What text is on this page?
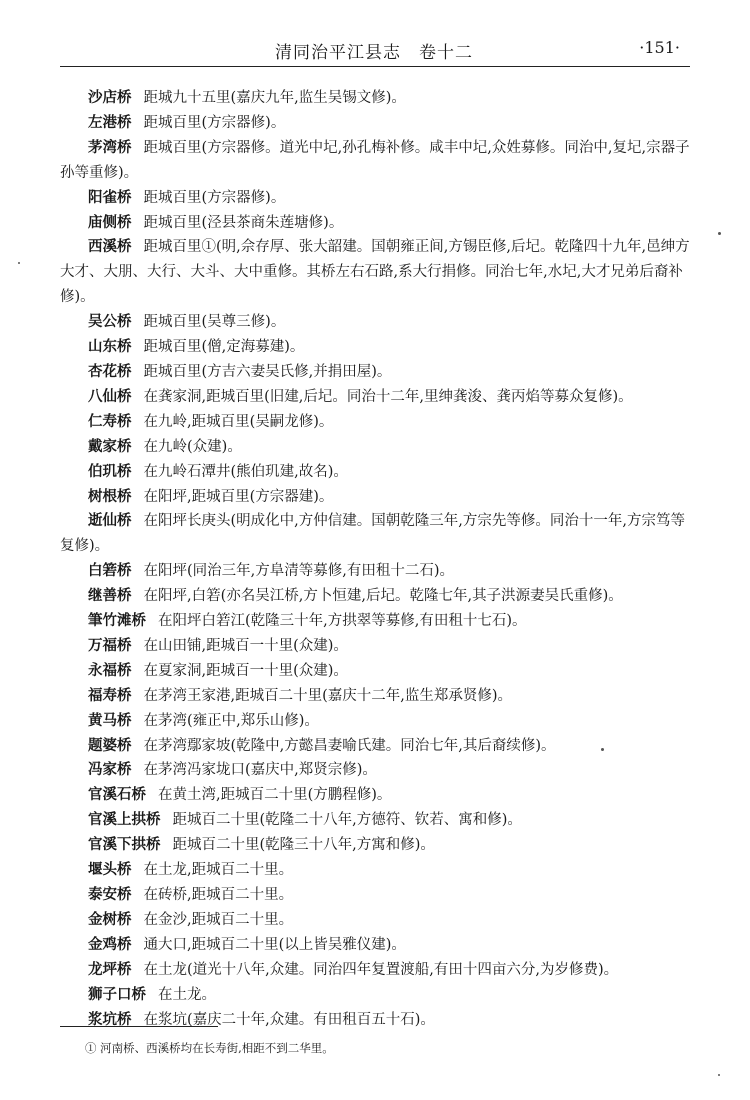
清同治平江县志　卷十二	·151·

沙店桥 距城九十五里(嘉庆九年,监生吴锡文修)。

左港桥 距城百里(方宗器修)。

茅湾桥 距城百里(方宗器修。道光中圮,孙孔梅补修。咸丰中圮,众姓募修。同治中,复圮,宗器子孙等重修)。

阳雀桥 距城百里(方宗器修)。

庙侧桥 距城百里(泾县茶商朱莲塘修)。

西溪桥 距城百里①(明,佘存厚、张大韶建。国朝雍正间,方锡臣修,后圮。乾隆四十九年,邑绅方大才、大朋、大行、大斗、大中重修。其桥左右石路,系大行捐修。同治七年,水圮,大才兄弟后裔补修)。

吴公桥 距城百里(吴尊三修)。

山东桥 距城百里(僧,定海募建)。

杏花桥 距城百里(方吉六妻吴氏修,并捐田屋)。

八仙桥 在龚家洞,距城百里(旧建,后圮。同治十二年,里绅龚浚、龚丙焰等募众复修)。

仁寿桥 在九岭,距城百里(吴嗣龙修)。

戴家桥 在九岭(众建)。

伯玑桥 在九岭石潭井(熊伯玑建,故名)。

树根桥 在阳坪,距城百里(方宗器建)。

逝仙桥 在阳坪长庚头(明成化中,方仲信建。国朝乾隆三年,方宗先等修。同治十一年,方宗笃等复修)。

白箬桥 在阳坪(同治三年,方阜清等募修,有田租十二石)。

继善桥 在阳坪,白箬(亦名吴江桥,方卜恒建,后圮。乾隆七年,其子洪源妻吴氏重修)。

筆竹滩桥 在阳坪白箬江(乾隆三十年,方拱翠等募修,有田租十七石)。

万福桥 在山田铺,距城百一十里(众建)。

永福桥 在夏家洞,距城百一十里(众建)。

福寿桥 在茅湾王家港,距城百二十里(嘉庆十二年,监生郑承贤修)。

黄马桥 在茅湾(雍正中,郑乐山修)。

题婆桥 在茅湾鄢家坡(乾隆中,方懿昌妻喻氏建。同治七年,其后裔续修)。

冯家桥 在茅湾冯家垅口(嘉庆中,郑贤宗修)。

官溪石桥 在黄土湾,距城百二十里(方鹏程修)。

官溪上拱桥 距城百二十里(乾隆二十八年,方德符、钦若、寓和修)。

官溪下拱桥 距城百二十里(乾隆三十八年,方寓和修)。

堰头桥 在土龙,距城百二十里。

泰安桥 在砖桥,距城百二十里。

金树桥 在金沙,距城百二十里。

金鸡桥 通大口,距城百二十里(以上皆吴雅仪建)。

龙坪桥 在土龙(道光十八年,众建。同治四年复置渡船,有田十四亩六分,为岁修费)。

狮子口桥 在土龙。

浆坑桥 在浆坑(嘉庆二十年,众建。有田租百五十石)。

① 河南桥、西溪桥均在长寿街,相距不到二华里。
